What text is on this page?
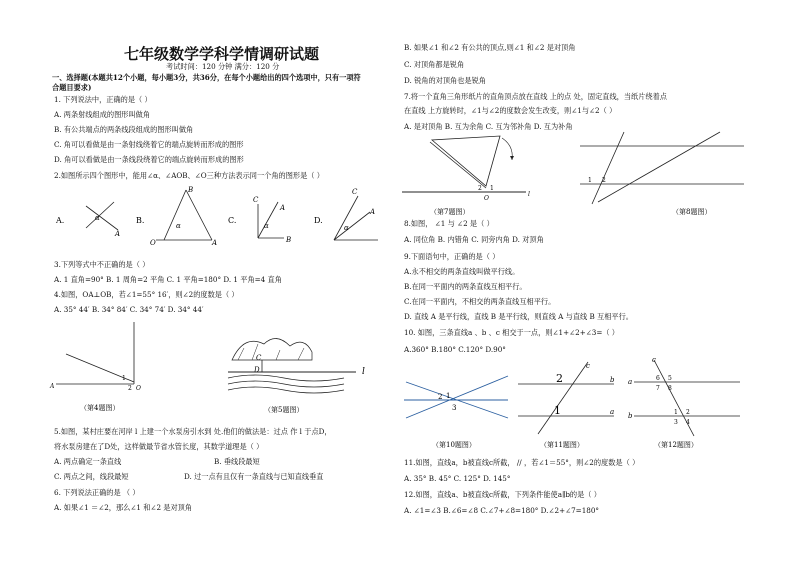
七年级数学学科学情调研试题
考试时间：120 分钟 满分：120 分
一、选择题(本题共12个小题，每小题3分，共36分，在每个小题给出的四个选项中，只有一项符
合题目要求)
1. 下列说法中，正确的是（ ）
A. 两条射线组成的图形叫做角
B. 有公共端点的两条线段组成的图形叫做角
C. 角可以看做是由一条射线绕着它的端点旋转而形成的图形
D. 角可以看做是由一条线段绕着它的端点旋转而形成的图形
2.如图所示四个图形中，能用∠α、∠AOB、∠O三种方法表示同一个角的图形是（ ）
A.	α
A
B.
α
B
O	A
C.
C
A
α
B
D.
C
A
α
3.下列等式中不正确的是（ ）
A. 1 直角=90° B. 1 周角=2 平角 C. 1 平角=180° D. 1 平角=4 直角
4.如图，OA⊥OB，若∠1=55° 16′，则∠2的度数是（ ）
A. 35° 44′ B. 34° 84′ C. 34° 74′ D. 34° 44′
A
1
2 O
（第4题图）
C
D	l
（第5题图）
5.如图，某村庄要在河岸 l 上建一个水泵房引水到 处.他们的做法是：过点 作 l 于点D，
将水泵房建在了D处，这样做最节省水管长度，其数学道理是（ ）
A. 两点确定一条直线	B. 垂线段最短
C. 两点之间，线段最短	D. 过一点有且仅有一条直线与已知直线垂直
6. 下列说法正确的是 （ ）
A. 如果∠1 ＝∠2，那么∠1 和∠2 是对顶角
B. 如果∠1 和∠2 有公共的顶点,则∠1 和∠2 是对顶角
C. 对顶角都是锐角
D. 锐角的对顶角也是锐角
7.将一个直角三角形纸片的直角顶点放在直线 上的点 处，固定直线，当纸片绕着点
在直线 上方旋转时，∠1与∠2的度数会发生改变，则∠1与∠2（ ）
A. 是对顶角 B. 互为余角 C. 互为邻补角 D. 互为补角
2 1
O
l
（第7题图）
2
1
（第8题图）
8.如图， ∠1 与 ∠2 是（ ）
A. 同位角 B. 内错角 C. 同旁内角 D. 对顶角
9.下面语句中，正确的是（ ）
A.永不相交的两条直线叫做平行线。
B.在同一平面内的两条直线互相平行。
C.在同一平面内，不相交的两条直线互相平行。
D. 直线 A 是平行线，直线 B 是平行线，则直线 A 与直线 B 互相平行。
10. 如图，三条直线a 、b 、c 相交于一点，则∠1+∠2+∠3=（ ）
A.360° B.180° C.120° D.90°
2 1
3
（第10题图）
2
1
c
b
a
（第11题图）
c
a
b
6 5
7 8
1 2
3 4
（第12题图）
11.如图，直线a，b被直线c所截， // ，若∠1＝55°，则∠2的度数是（ ）
A. 35° B. 45° C. 125° D. 145°
12.如图，直线a、b被直线c所截，下列条件能使a∥b的是（ ）
A. ∠1=∠3 B.∠6=∠8 C.∠7+∠8=180° D.∠2+∠7=180°
